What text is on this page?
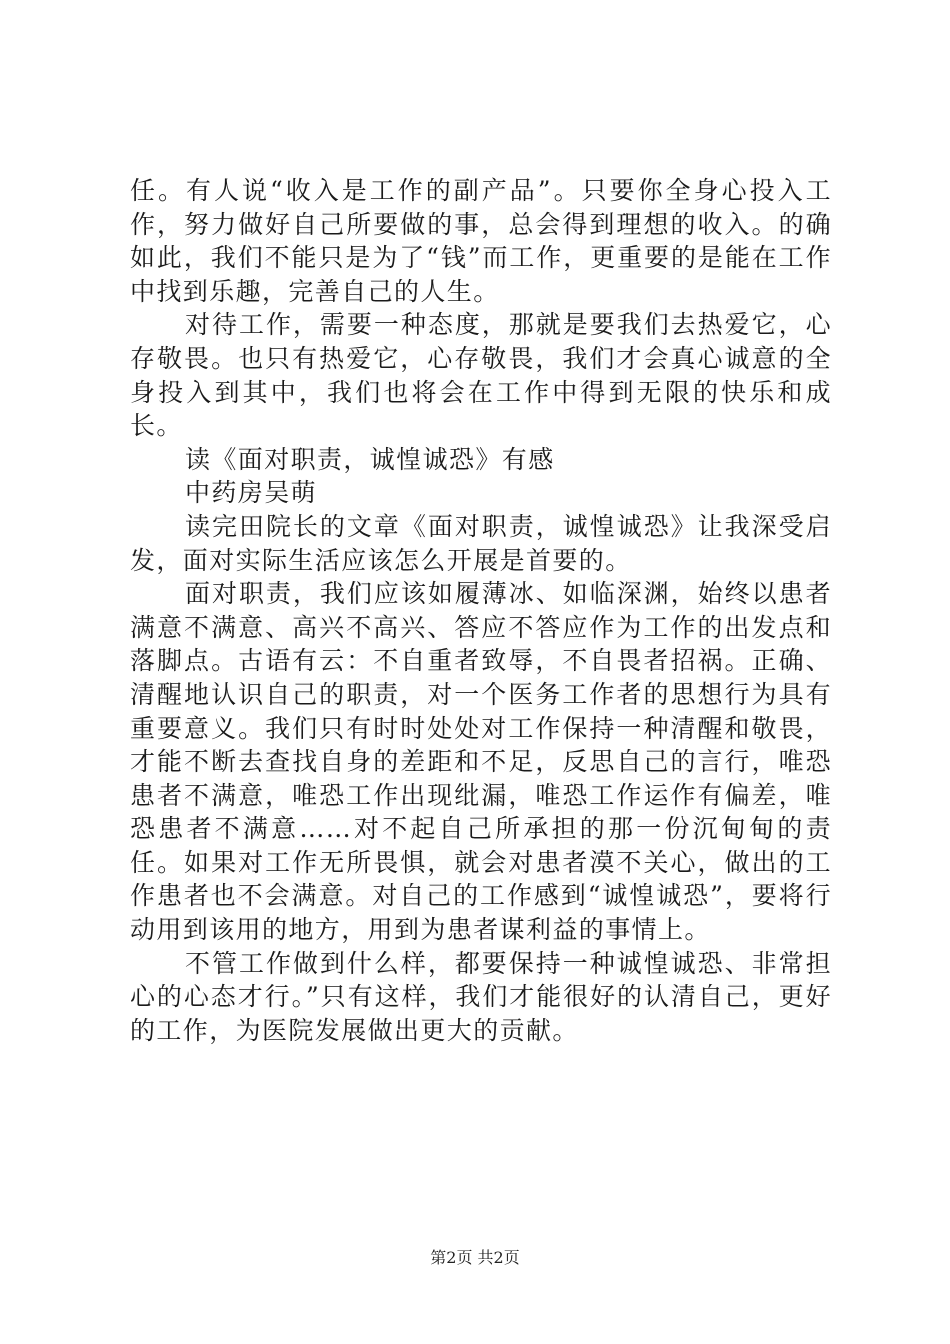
任。有人说“收入是工作的副产品”。只要你全身心投入工作，努力做好自己所要做的事，总会得到理想的收入。的确如此，我们不能只是为了“钱”而工作，更重要的是能在工作中找到乐趣，完善自己的人生。

对待工作，需要一种态度，那就是要我们去热爱它，心存敬畏。也只有热爱它，心存敬畏，我们才会真心诚意的全身投入到其中，我们也将会在工作中得到无限的快乐和成长。

读《面对职责，诚惶诚恐》有感

中药房吴萌

读完田院长的文章《面对职责，诚惶诚恐》让我深受启发，面对实际生活应该怎么开展是首要的。

面对职责，我们应该如履薄冰、如临深渊，始终以患者满意不满意、高兴不高兴、答应不答应作为工作的出发点和落脚点。古语有云：不自重者致辱，不自畏者招祸。正确、清醒地认识自己的职责，对一个医务工作者的思想行为具有重要意义。我们只有时时处处对工作保持一种清醒和敬畏，才能不断去查找自身的差距和不足，反思自己的言行，唯恐患者不满意，唯恐工作出现纰漏，唯恐工作运作有偏差，唯恐患者不满意……对不起自己所承担的那一份沉甸甸的责任。如果对工作无所畏惧，就会对患者漠不关心，做出的工作患者也不会满意。对自己的工作感到“诚惶诚恐”，要将行动用到该用的地方，用到为患者谋利益的事情上。

不管工作做到什么样，都要保持一种诚惶诚恐、非常担心的心态才行。”只有这样，我们才能很好的认清自己，更好的工作，为医院发展做出更大的贡献。

第2页 共2页
